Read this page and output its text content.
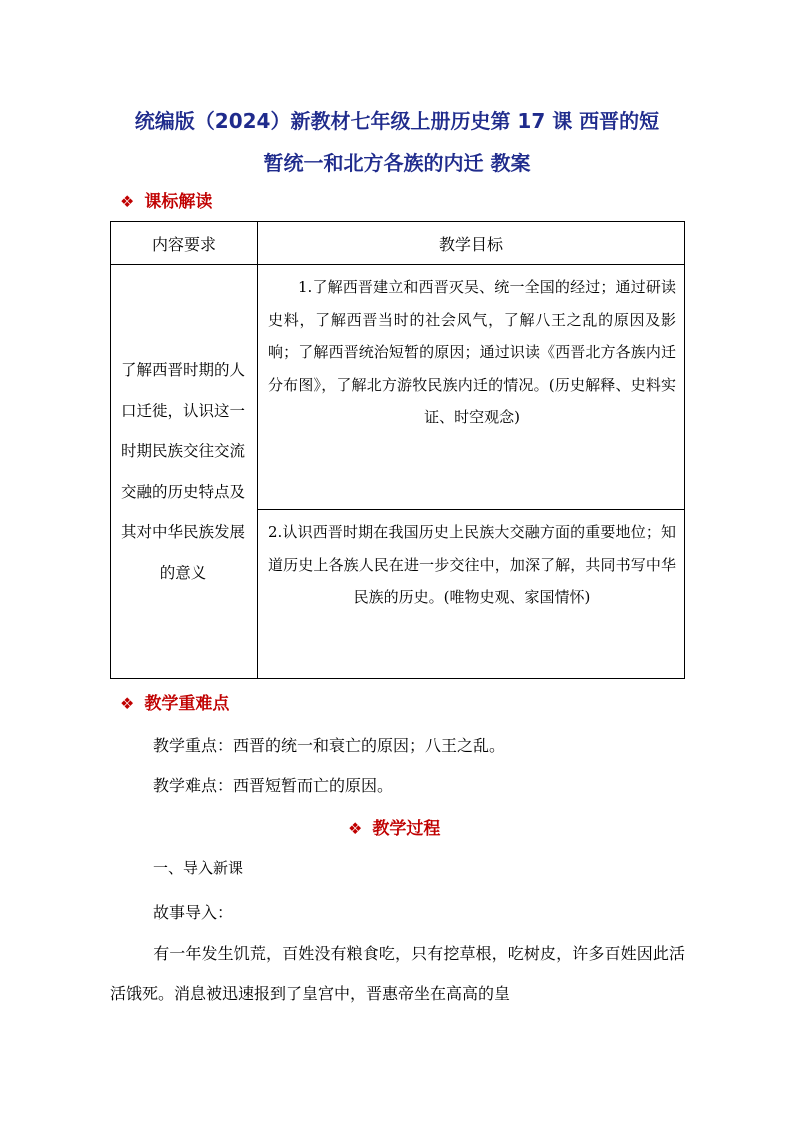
统编版（2024）新教材七年级上册历史第 17 课 西晋的短
暂统一和北方各族的内迁 教案
❖ 课标解读
内容要求	教学目标

了解西晋时期的人口迁徙，认识这一时期民族交往交流交融的历史特点及其对中华民族发展的意义	1.了解西晋建立和西晋灭吴、统一全国的经过；通过研读史料，了解西晋当时的社会风气，了解八王之乱的原因及影响；了解西晋统治短暂的原因；通过识读《西晋北方各族内迁分布图》，了解北方游牧民族内迁的情况。(历史解释、史料实证、时空观念)

	2.认识西晋时期在我国历史上民族大交融方面的重要地位；知道历史上各族人民在进一步交往中，加深了解，共同书写中华民族的历史。(唯物史观、家国情怀)
❖ 教学重难点
教学重点：西晋的统一和衰亡的原因；八王之乱。
教学难点：西晋短暂而亡的原因。
❖ 教学过程
一、导入新课
故事导入：
有一年发生饥荒，百姓没有粮食吃，只有挖草根，吃树皮，许多百姓因此活活饿死。消息被迅速报到了皇宫中，晋惠帝坐在高高的皇
